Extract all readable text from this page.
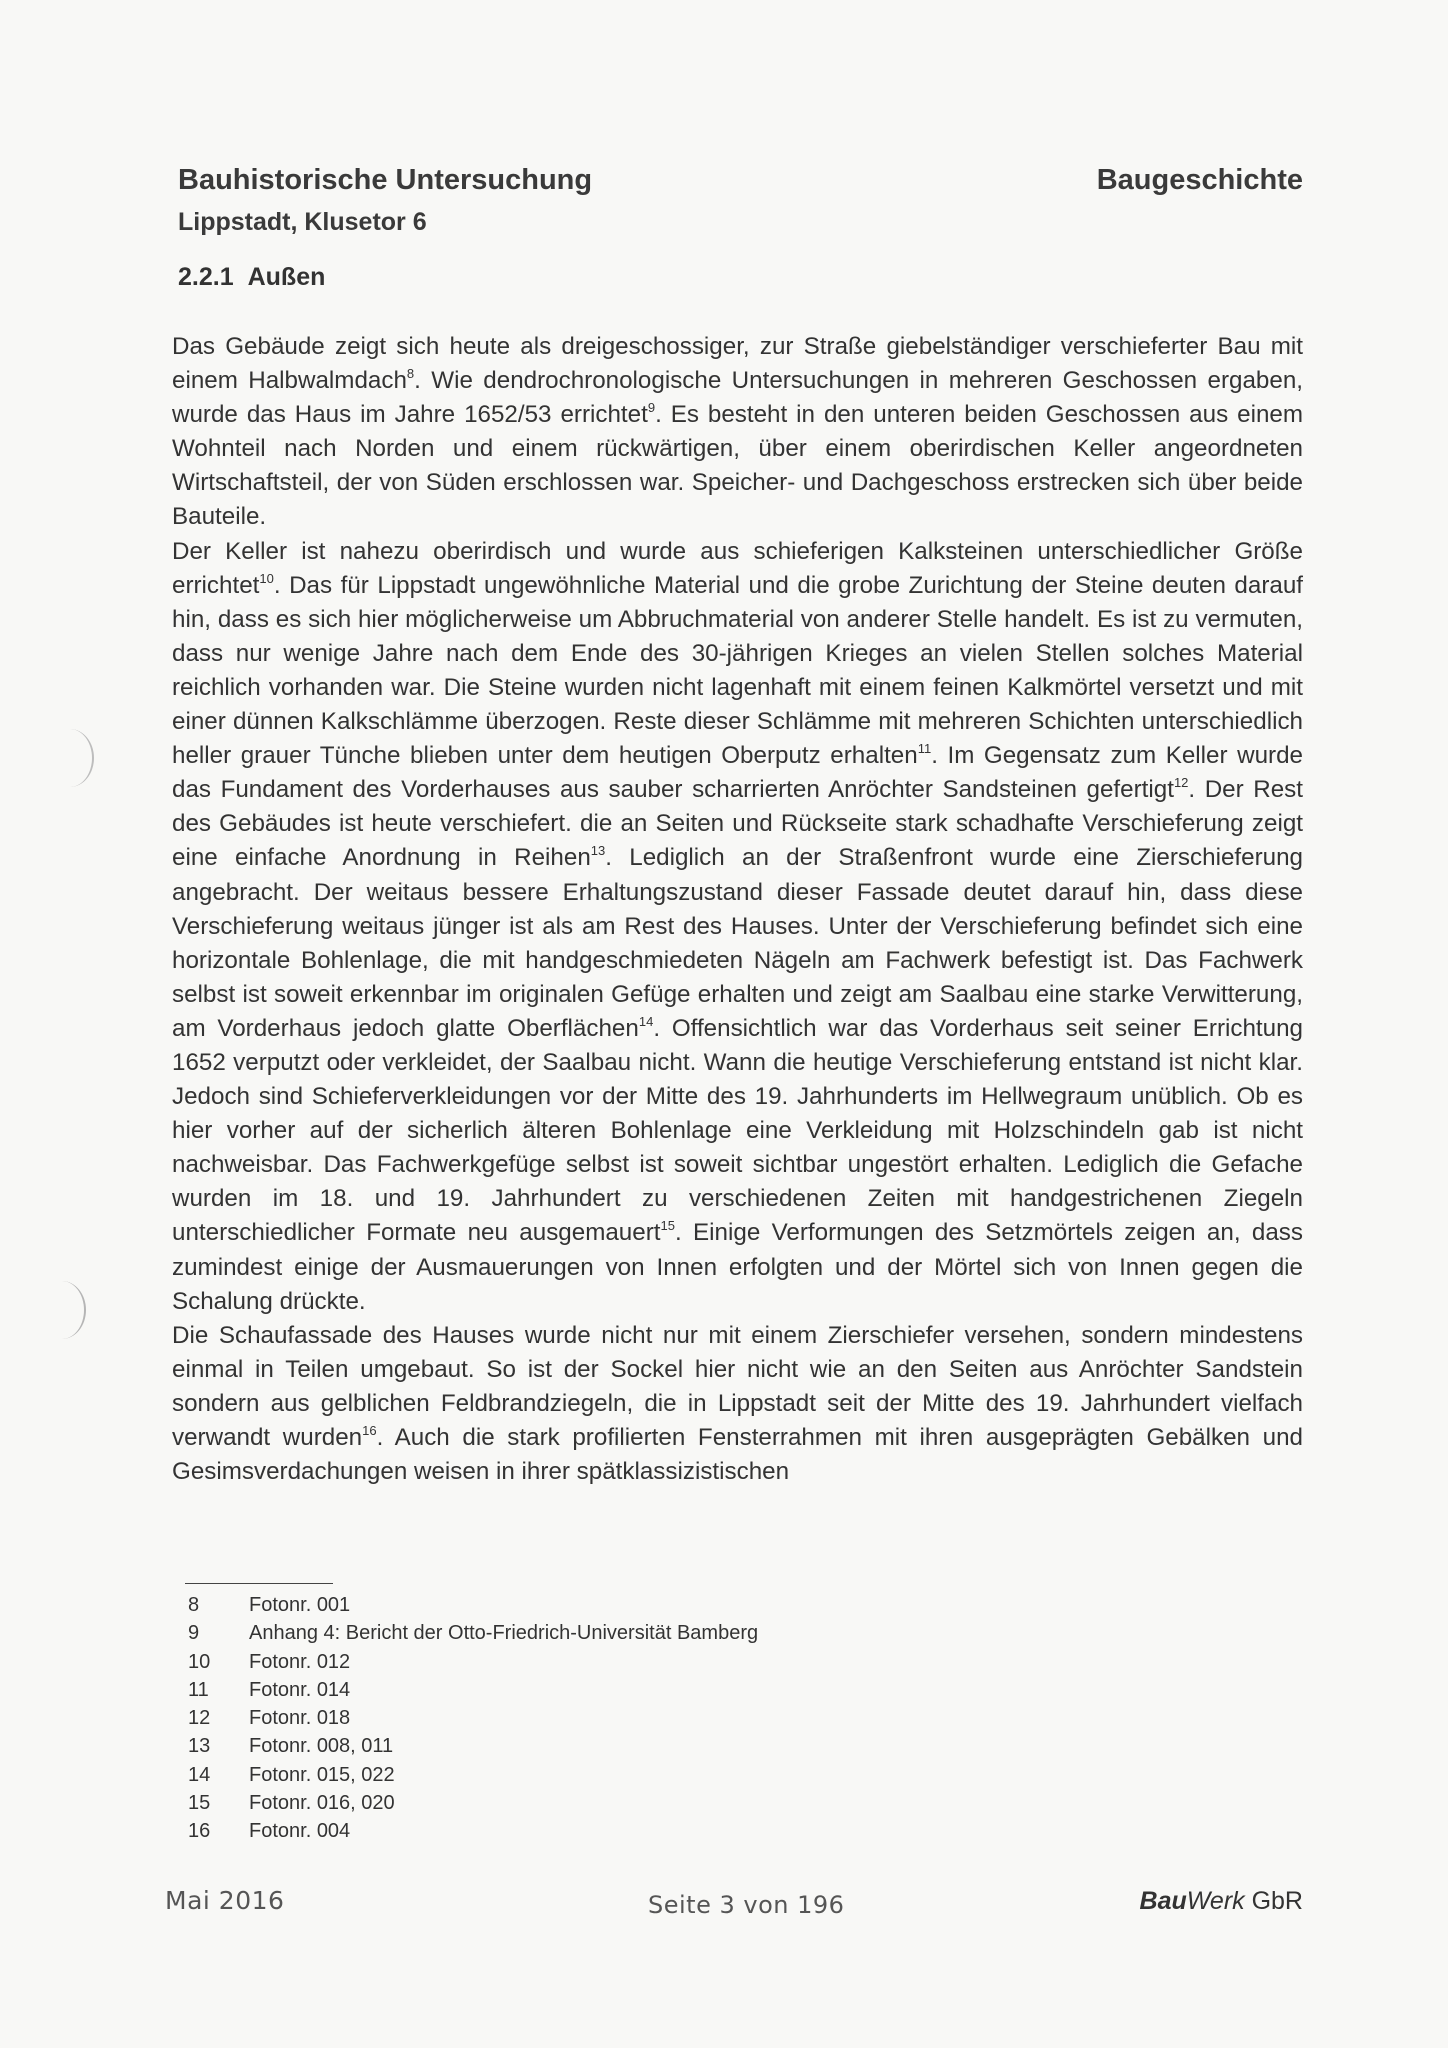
Bauhistorische Untersuchung
Lippstadt, Klusetor 6
Baugeschichte
2.2.1 Außen

Das Gebäude zeigt sich heute als dreigeschossiger, zur Straße giebelständiger verschieferter Bau mit einem Halbwalmdach$^8$. Wie dendrochronologische Untersuchungen in mehreren Geschossen ergaben, wurde das Haus im Jahre 1652/53 errichtet$^9$. Es besteht in den unteren beiden Geschossen aus einem Wohnteil nach Norden und einem rückwärtigen, über einem oberirdischen Keller angeordneten Wirtschaftsteil, der von Süden erschlossen war. Speicher- und Dachgeschoss erstrecken sich über beide Bauteile.

Der Keller ist nahezu oberirdisch und wurde aus schieferigen Kalksteinen unterschiedlicher Größe errichtet$^{10}$. Das für Lippstadt ungewöhnliche Material und die grobe Zurichtung der Steine deuten darauf hin, dass es sich hier möglicherweise um Abbruchmaterial von anderer Stelle handelt. Es ist zu vermuten, dass nur wenige Jahre nach dem Ende des 30-jährigen Krieges an vielen Stellen solches Material reichlich vorhanden war. Die Steine wurden nicht lagenhaft mit einem feinen Kalkmörtel versetzt und mit einer dünnen Kalkschlämme überzogen. Reste dieser Schlämme mit mehreren Schichten unterschiedlich heller grauer Tünche blieben unter dem heutigen Oberputz erhalten$^{11}$. Im Gegensatz zum Keller wurde das Fundament des Vorderhauses aus sauber scharrierten Anröchter Sandsteinen gefertigt$^{12}$. Der Rest des Gebäudes ist heute verschiefert. die an Seiten und Rückseite stark schadhafte Verschieferung zeigt eine einfache Anordnung in Reihen$^{13}$. Lediglich an der Straßenfront wurde eine Zierschieferung angebracht. Der weitaus bessere Erhaltungszustand dieser Fassade deutet darauf hin, dass diese Verschieferung weitaus jünger ist als am Rest des Hauses. Unter der Verschieferung befindet sich eine horizontale Bohlenlage, die mit handgeschmiedeten Nägeln am Fachwerk befestigt ist. Das Fachwerk selbst ist soweit erkennbar im originalen Gefüge erhalten und zeigt am Saalbau eine starke Verwitterung, am Vorderhaus jedoch glatte Oberflächen$^{14}$. Offensichtlich war das Vorderhaus seit seiner Errichtung 1652 verputzt oder verkleidet, der Saalbau nicht. Wann die heutige Verschieferung entstand ist nicht klar. Jedoch sind Schieferverkleidungen vor der Mitte des 19. Jahrhunderts im Hellwegraum unüblich. Ob es hier vorher auf der sicherlich älteren Bohlenlage eine Verkleidung mit Holzschindeln gab ist nicht nachweisbar. Das Fachwerkgefüge selbst ist soweit sichtbar ungestört erhalten. Lediglich die Gefache wurden im 18. und 19. Jahrhundert zu verschiedenen Zeiten mit handgestrichenen Ziegeln unterschiedlicher Formate neu ausgemauert$^{15}$. Einige Verformungen des Setzmörtels zeigen an, dass zumindest einige der Ausmauerungen von Innen erfolgten und der Mörtel sich von Innen gegen die Schalung drückte.

Die Schaufassade des Hauses wurde nicht nur mit einem Zierschiefer versehen, sondern mindestens einmal in Teilen umgebaut. So ist der Sockel hier nicht wie an den Seiten aus Anröchter Sandstein sondern aus gelblichen Feldbrandziegeln, die in Lippstadt seit der Mitte des 19. Jahrhundert vielfach verwandt wurden$^{16}$. Auch die stark profilierten Fensterrahmen mit ihren ausgeprägten Gebälken und Gesimsverdachungen weisen in ihrer spätklassizistischen

8 Fotonr. 001
9 Anhang 4: Bericht der Otto-Friedrich-Universität Bamberg
10 Fotonr. 012
11 Fotonr. 014
12 Fotonr. 018
13 Fotonr. 008, 011
14 Fotonr. 015, 022
15 Fotonr. 016, 020
16 Fotonr. 004
Mai 2016	Seite 3 von 196	BauWerk GbR
